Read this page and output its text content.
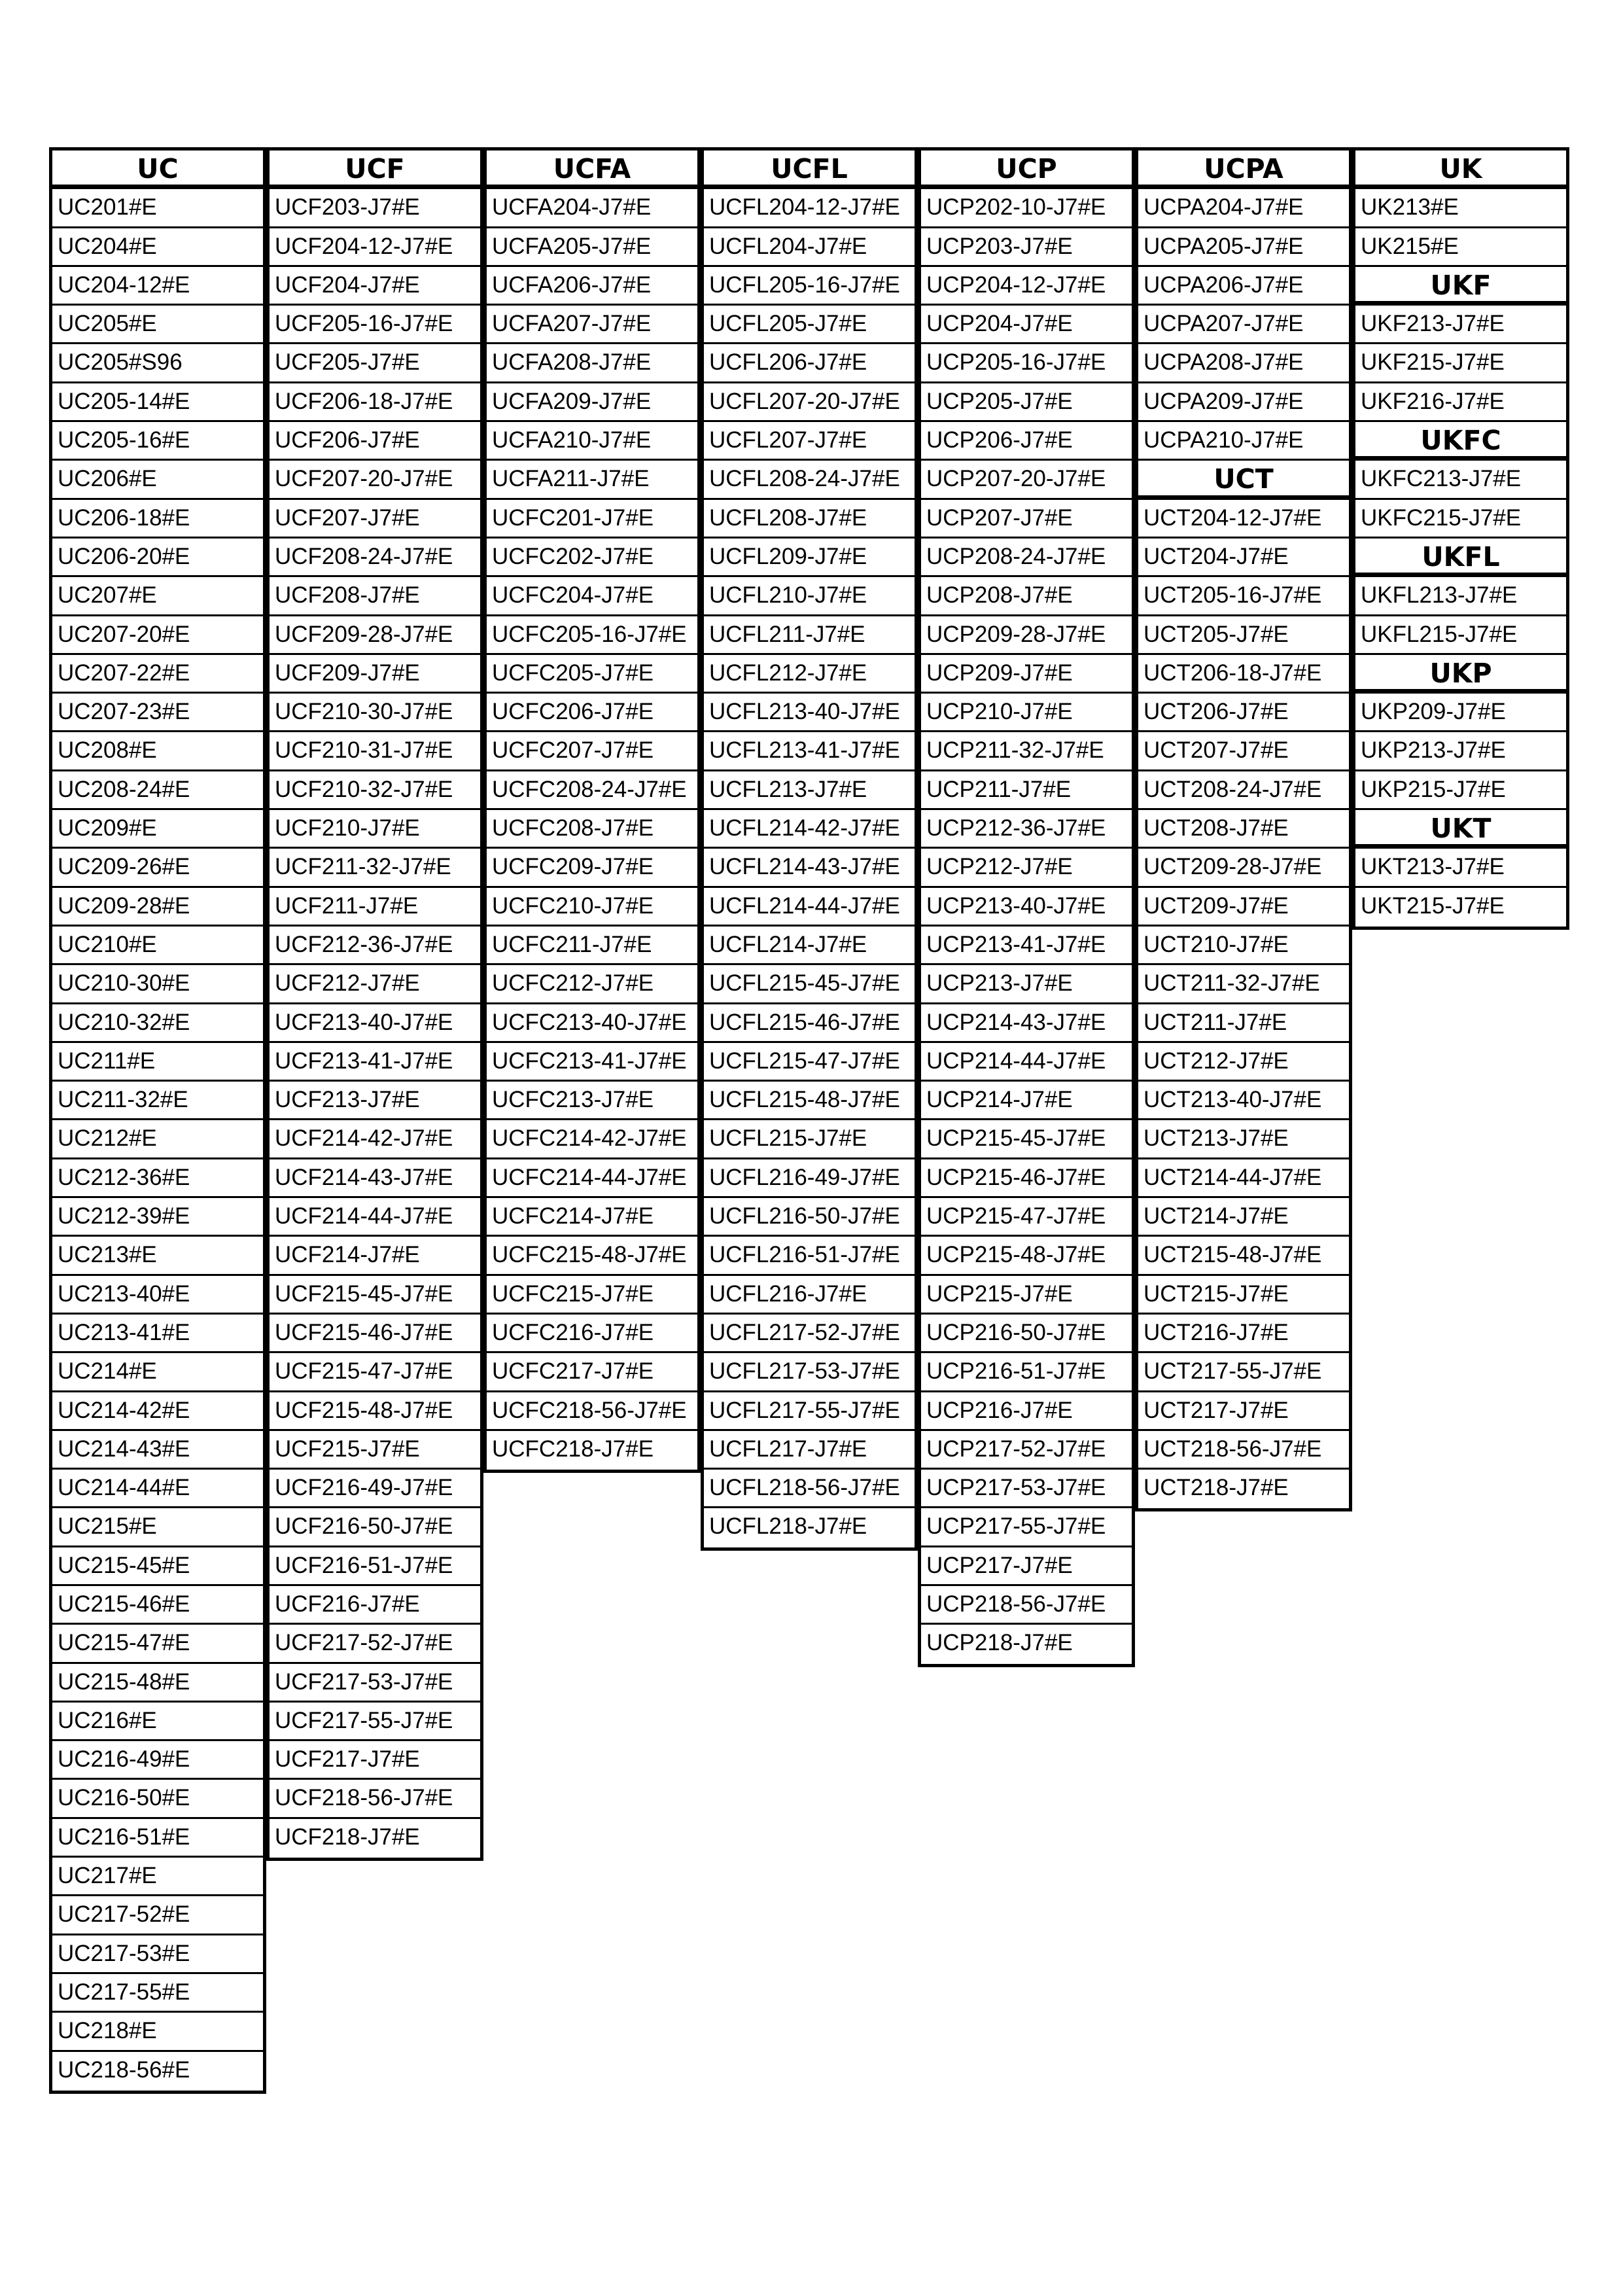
UC
UC201#E
UC204#E
UC204-12#E
UC205#E
UC205#S96
UC205-14#E
UC205-16#E
UC206#E
UC206-18#E
UC206-20#E
UC207#E
UC207-20#E
UC207-22#E
UC207-23#E
UC208#E
UC208-24#E
UC209#E
UC209-26#E
UC209-28#E
UC210#E
UC210-30#E
UC210-32#E
UC211#E
UC211-32#E
UC212#E
UC212-36#E
UC212-39#E
UC213#E
UC213-40#E
UC213-41#E
UC214#E
UC214-42#E
UC214-43#E
UC214-44#E
UC215#E
UC215-45#E
UC215-46#E
UC215-47#E
UC215-48#E
UC216#E
UC216-49#E
UC216-50#E
UC216-51#E
UC217#E
UC217-52#E
UC217-53#E
UC217-55#E
UC218#E
UC218-56#E
UCF
UCF203-J7#E
UCF204-12-J7#E
UCF204-J7#E
UCF205-16-J7#E
UCF205-J7#E
UCF206-18-J7#E
UCF206-J7#E
UCF207-20-J7#E
UCF207-J7#E
UCF208-24-J7#E
UCF208-J7#E
UCF209-28-J7#E
UCF209-J7#E
UCF210-30-J7#E
UCF210-31-J7#E
UCF210-32-J7#E
UCF210-J7#E
UCF211-32-J7#E
UCF211-J7#E
UCF212-36-J7#E
UCF212-J7#E
UCF213-40-J7#E
UCF213-41-J7#E
UCF213-J7#E
UCF214-42-J7#E
UCF214-43-J7#E
UCF214-44-J7#E
UCF214-J7#E
UCF215-45-J7#E
UCF215-46-J7#E
UCF215-47-J7#E
UCF215-48-J7#E
UCF215-J7#E
UCF216-49-J7#E
UCF216-50-J7#E
UCF216-51-J7#E
UCF216-J7#E
UCF217-52-J7#E
UCF217-53-J7#E
UCF217-55-J7#E
UCF217-J7#E
UCF218-56-J7#E
UCF218-J7#E
UCFA
UCFA204-J7#E
UCFA205-J7#E
UCFA206-J7#E
UCFA207-J7#E
UCFA208-J7#E
UCFA209-J7#E
UCFA210-J7#E
UCFA211-J7#E
UCFC201-J7#E
UCFC202-J7#E
UCFC204-J7#E
UCFC205-16-J7#E
UCFC205-J7#E
UCFC206-J7#E
UCFC207-J7#E
UCFC208-24-J7#E
UCFC208-J7#E
UCFC209-J7#E
UCFC210-J7#E
UCFC211-J7#E
UCFC212-J7#E
UCFC213-40-J7#E
UCFC213-41-J7#E
UCFC213-J7#E
UCFC214-42-J7#E
UCFC214-44-J7#E
UCFC214-J7#E
UCFC215-48-J7#E
UCFC215-J7#E
UCFC216-J7#E
UCFC217-J7#E
UCFC218-56-J7#E
UCFC218-J7#E
UCFL
UCFL204-12-J7#E
UCFL204-J7#E
UCFL205-16-J7#E
UCFL205-J7#E
UCFL206-J7#E
UCFL207-20-J7#E
UCFL207-J7#E
UCFL208-24-J7#E
UCFL208-J7#E
UCFL209-J7#E
UCFL210-J7#E
UCFL211-J7#E
UCFL212-J7#E
UCFL213-40-J7#E
UCFL213-41-J7#E
UCFL213-J7#E
UCFL214-42-J7#E
UCFL214-43-J7#E
UCFL214-44-J7#E
UCFL214-J7#E
UCFL215-45-J7#E
UCFL215-46-J7#E
UCFL215-47-J7#E
UCFL215-48-J7#E
UCFL215-J7#E
UCFL216-49-J7#E
UCFL216-50-J7#E
UCFL216-51-J7#E
UCFL216-J7#E
UCFL217-52-J7#E
UCFL217-53-J7#E
UCFL217-55-J7#E
UCFL217-J7#E
UCFL218-56-J7#E
UCFL218-J7#E
UCP
UCP202-10-J7#E
UCP203-J7#E
UCP204-12-J7#E
UCP204-J7#E
UCP205-16-J7#E
UCP205-J7#E
UCP206-J7#E
UCP207-20-J7#E
UCP207-J7#E
UCP208-24-J7#E
UCP208-J7#E
UCP209-28-J7#E
UCP209-J7#E
UCP210-J7#E
UCP211-32-J7#E
UCP211-J7#E
UCP212-36-J7#E
UCP212-J7#E
UCP213-40-J7#E
UCP213-41-J7#E
UCP213-J7#E
UCP214-43-J7#E
UCP214-44-J7#E
UCP214-J7#E
UCP215-45-J7#E
UCP215-46-J7#E
UCP215-47-J7#E
UCP215-48-J7#E
UCP215-J7#E
UCP216-50-J7#E
UCP216-51-J7#E
UCP216-J7#E
UCP217-52-J7#E
UCP217-53-J7#E
UCP217-55-J7#E
UCP217-J7#E
UCP218-56-J7#E
UCP218-J7#E
UCPA
UCPA204-J7#E
UCPA205-J7#E
UCPA206-J7#E
UCPA207-J7#E
UCPA208-J7#E
UCPA209-J7#E
UCPA210-J7#E
UCT
UCT204-12-J7#E
UCT204-J7#E
UCT205-16-J7#E
UCT205-J7#E
UCT206-18-J7#E
UCT206-J7#E
UCT207-J7#E
UCT208-24-J7#E
UCT208-J7#E
UCT209-28-J7#E
UCT209-J7#E
UCT210-J7#E
UCT211-32-J7#E
UCT211-J7#E
UCT212-J7#E
UCT213-40-J7#E
UCT213-J7#E
UCT214-44-J7#E
UCT214-J7#E
UCT215-48-J7#E
UCT215-J7#E
UCT216-J7#E
UCT217-55-J7#E
UCT217-J7#E
UCT218-56-J7#E
UCT218-J7#E
UK
UK213#E
UK215#E
UKF
UKF213-J7#E
UKF215-J7#E
UKF216-J7#E
UKFC
UKFC213-J7#E
UKFC215-J7#E
UKFL
UKFL213-J7#E
UKFL215-J7#E
UKP
UKP209-J7#E
UKP213-J7#E
UKP215-J7#E
UKT
UKT213-J7#E
UKT215-J7#E
